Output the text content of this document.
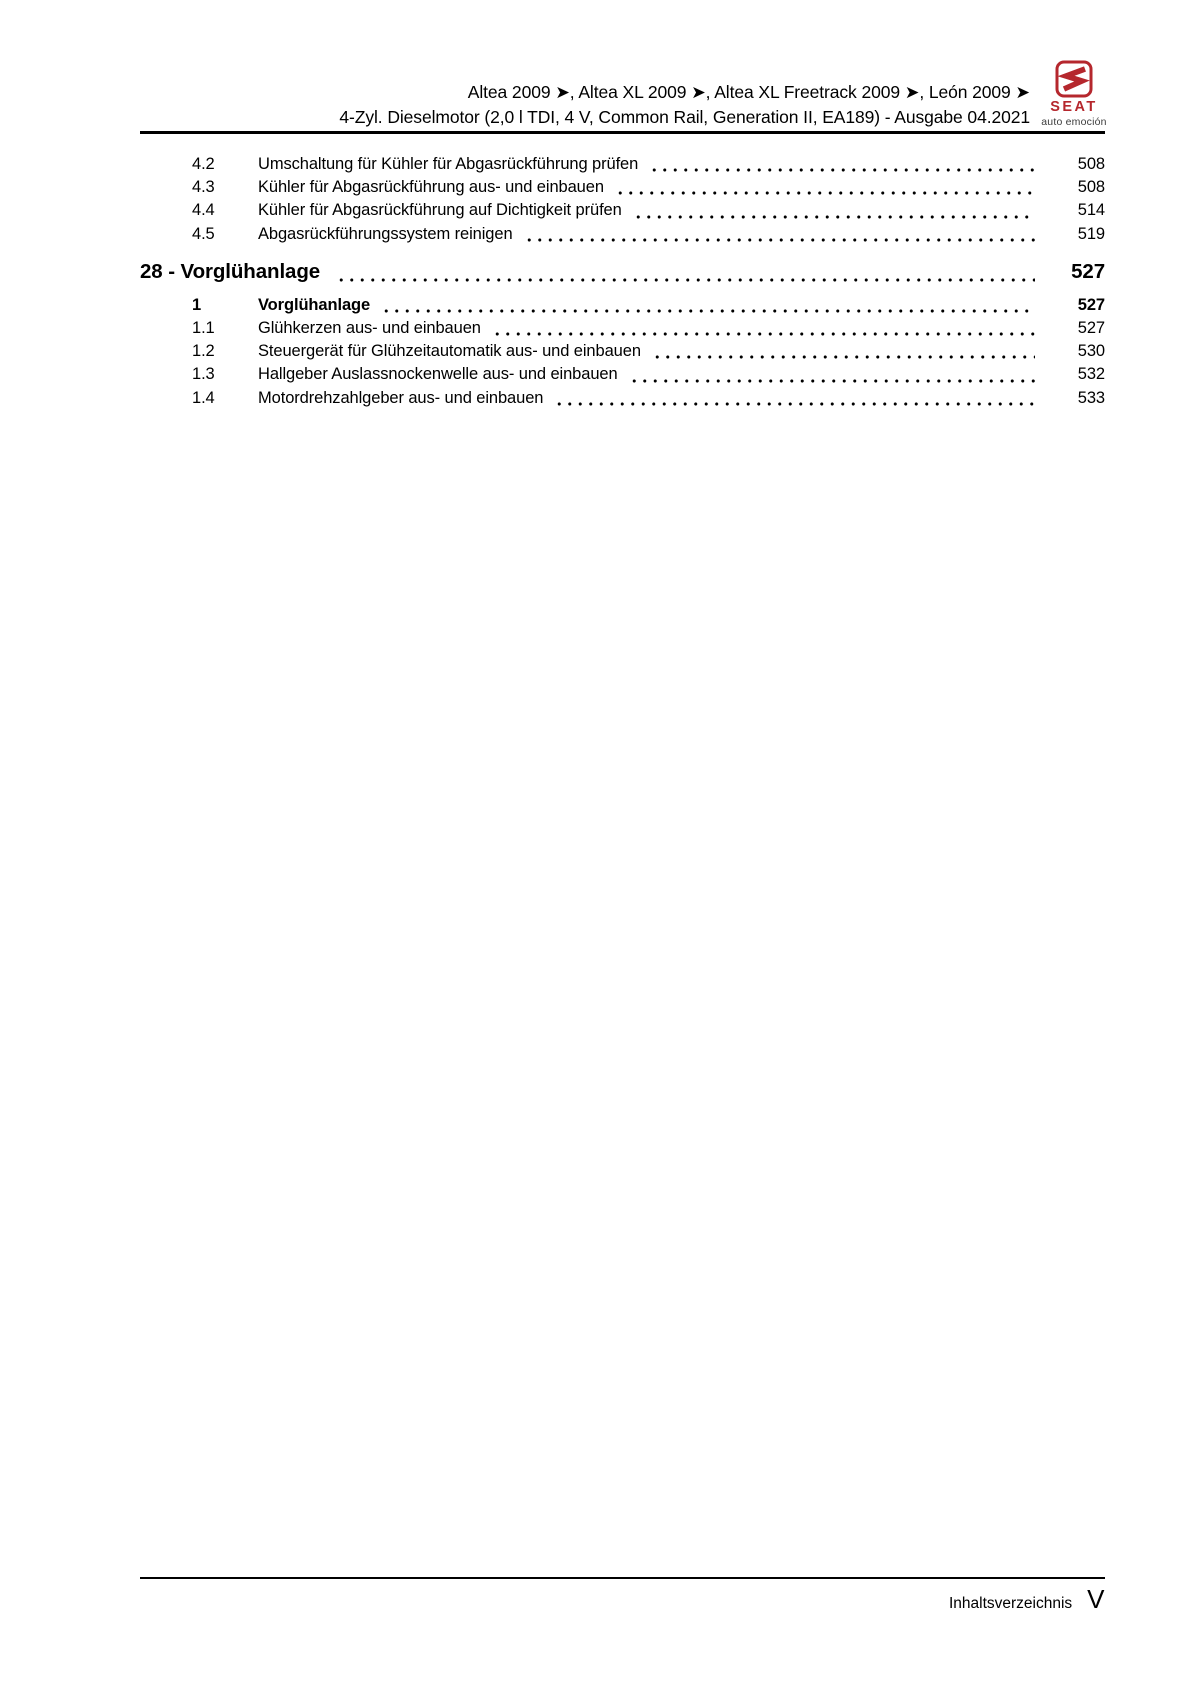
Altea 2009 ➤, Altea XL 2009 ➤, Altea XL Freetrack 2009 ➤, León 2009 ➤
4-Zyl. Dieselmotor (2,0 l TDI, 4 V, Common Rail, Generation II, EA189) - Ausgabe 04.2021	SEAT
auto emoción
4.2	Umschaltung für Kühler für Abgasrückführung prüfen	508
4.3	Kühler für Abgasrückführung aus- und einbauen	508
4.4	Kühler für Abgasrückführung auf Dichtigkeit prüfen	514
4.5	Abgasrückführungssystem reinigen	519
28 - Vorglühanlage	527
1	Vorglühanlage	527
1.1	Glühkerzen aus- und einbauen	527
1.2	Steuergerät für Glühzeitautomatik aus- und einbauen	530
1.3	Hallgeber Auslassnockenwelle aus- und einbauen	532
1.4	Motordrehzahlgeber aus- und einbauen	533
Inhaltsverzeichnis V
